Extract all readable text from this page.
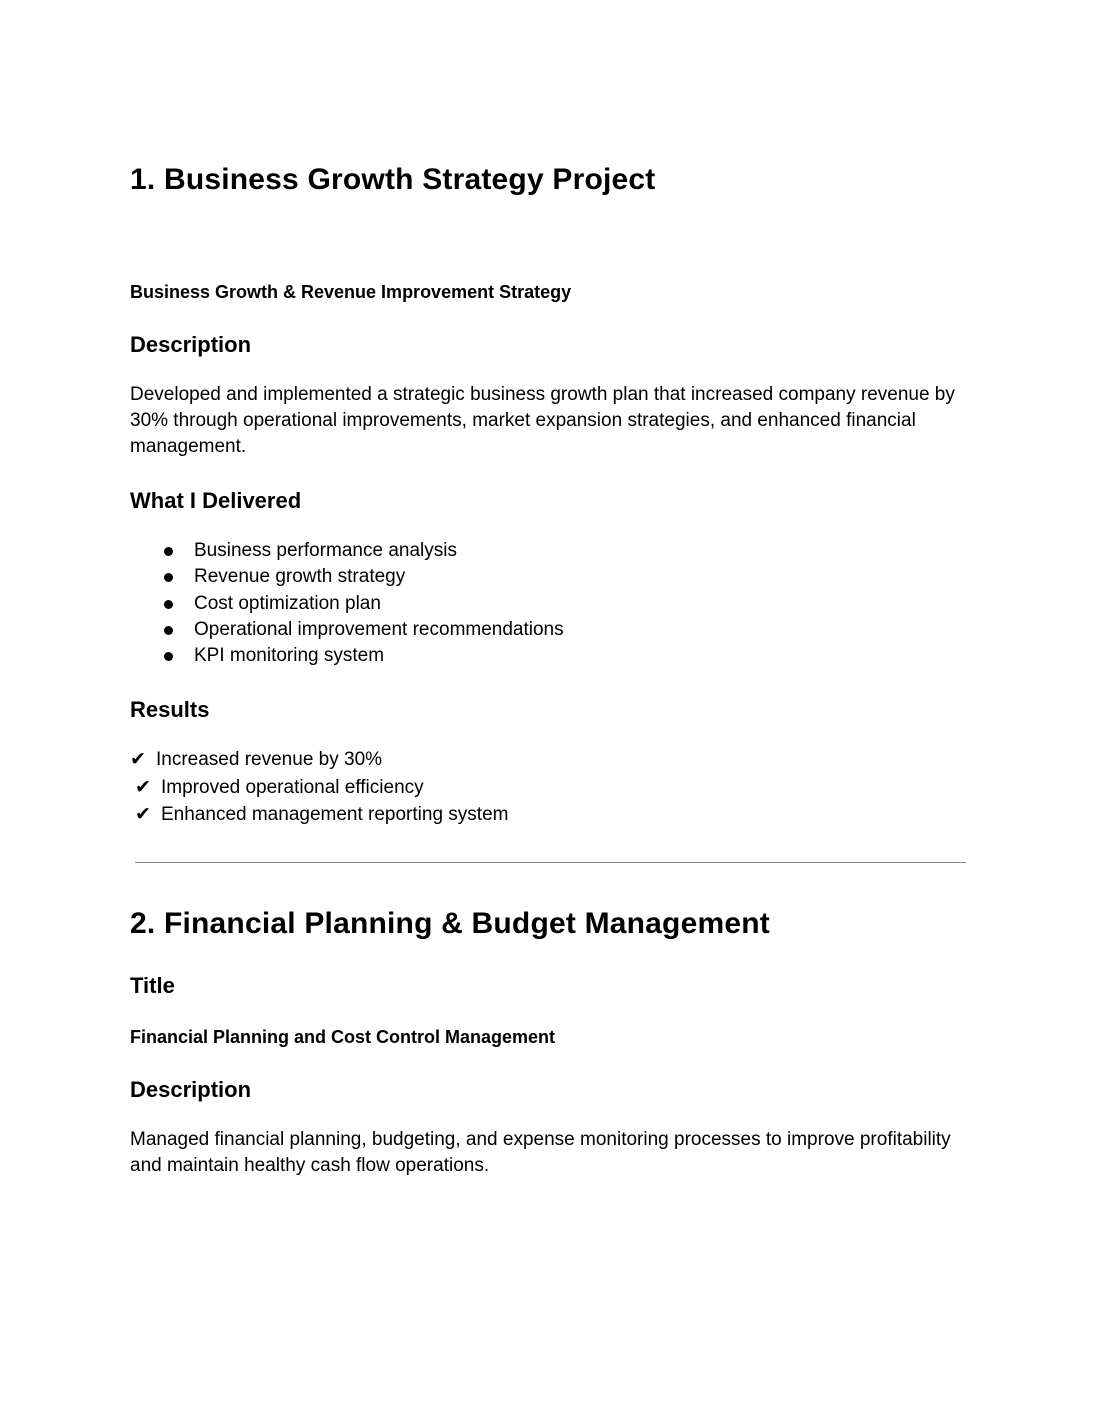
1. Business Growth Strategy Project

Business Growth & Revenue Improvement Strategy

Description

Developed and implemented a strategic business growth plan that increased company revenue by 30% through operational improvements, market expansion strategies, and enhanced financial management.

What I Delivered
Business performance analysis
Revenue growth strategy
Cost optimization plan
Operational improvement recommendations
KPI monitoring system
Results
✔ Increased revenue by 30%
✔ Improved operational efficiency
✔ Enhanced management reporting system
2. Financial Planning & Budget Management
Title

Financial Planning and Cost Control Management

Description

Managed financial planning, budgeting, and expense monitoring processes to improve profitability and maintain healthy cash flow operations.
